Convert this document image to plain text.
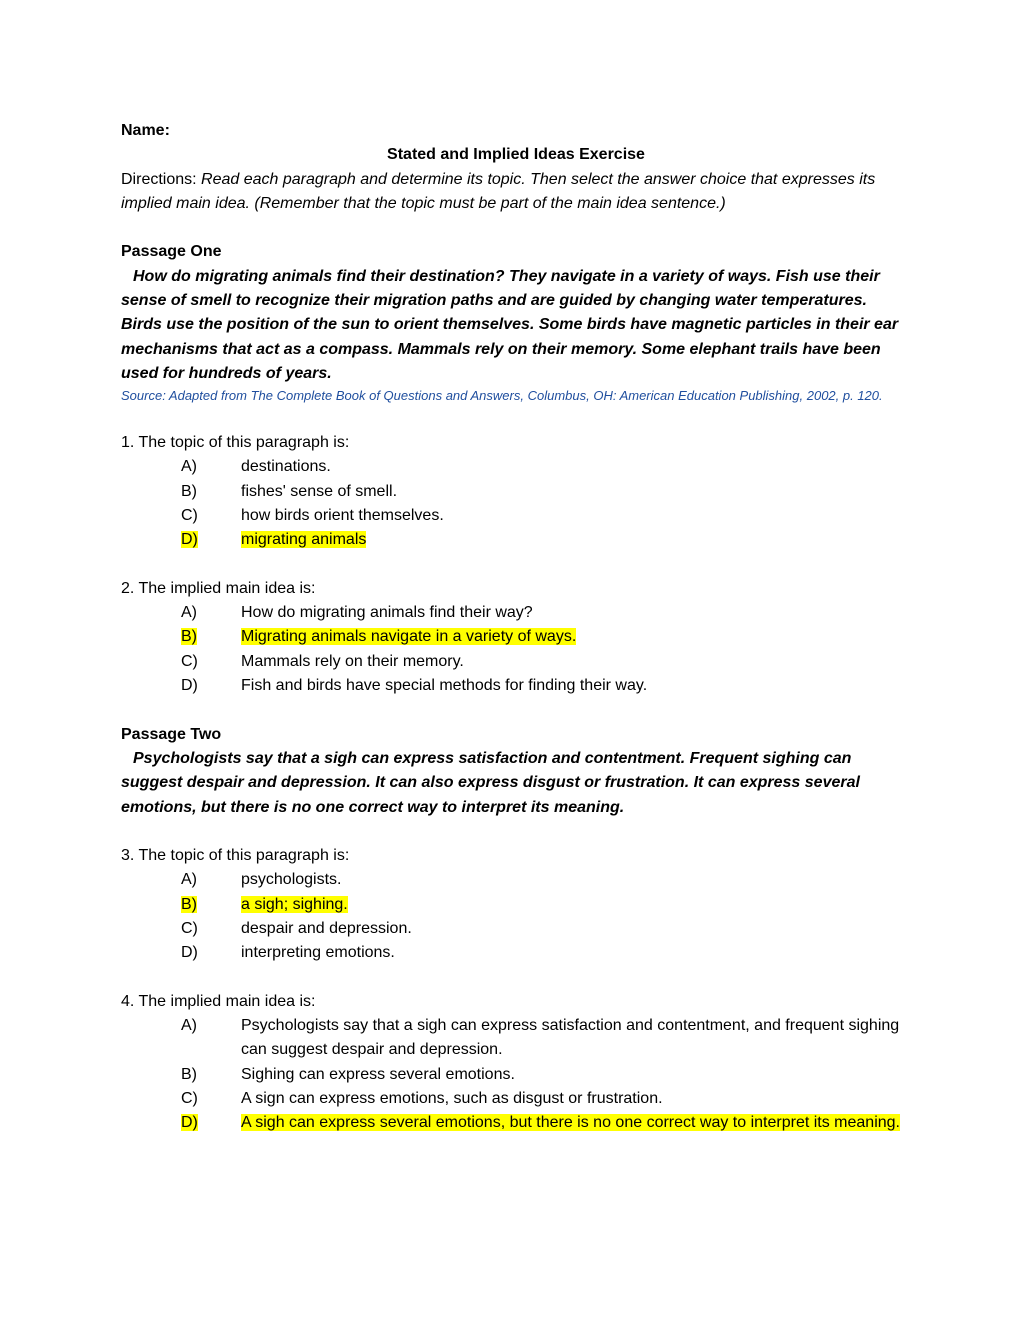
Name:
Stated and Implied Ideas Exercise
Directions: Read each paragraph and determine its topic. Then select the answer choice that expresses its implied main idea. (Remember that the topic must be part of the main idea sentence.)
Passage One
How do migrating animals find their destination? They navigate in a variety of ways. Fish use their sense of smell to recognize their migration paths and are guided by changing water temperatures. Birds use the position of the sun to orient themselves. Some birds have magnetic particles in their ear mechanisms that act as a compass. Mammals rely on their memory. Some elephant trails have been used for hundreds of years.
Source: Adapted from The Complete Book of Questions and Answers, Columbus, OH: American Education Publishing, 2002, p. 120.
1. The topic of this paragraph is:
A)	destinations.
B)	fishes' sense of smell.
C)	how birds orient themselves.
D)	migrating animals
2. The implied main idea is:
A)	How do migrating animals find their way?
B)	Migrating animals navigate in a variety of ways.
C)	Mammals rely on their memory.
D)	Fish and birds have special methods for finding their way.
Passage Two
Psychologists say that a sigh can express satisfaction and contentment. Frequent sighing can suggest despair and depression. It can also express disgust or frustration. It can express several emotions, but there is no one correct way to interpret its meaning.
3. The topic of this paragraph is:
A)	psychologists.
B)	a sigh; sighing.
C)	despair and depression.
D)	interpreting emotions.
4. The implied main idea is:
A)	Psychologists say that a sigh can express satisfaction and contentment, and frequent sighing can suggest despair and depression.
B)	Sighing can express several emotions.
C)	A sign can express emotions, such as disgust or frustration.
D)	A sigh can express several emotions, but there is no one correct way to interpret its meaning.
